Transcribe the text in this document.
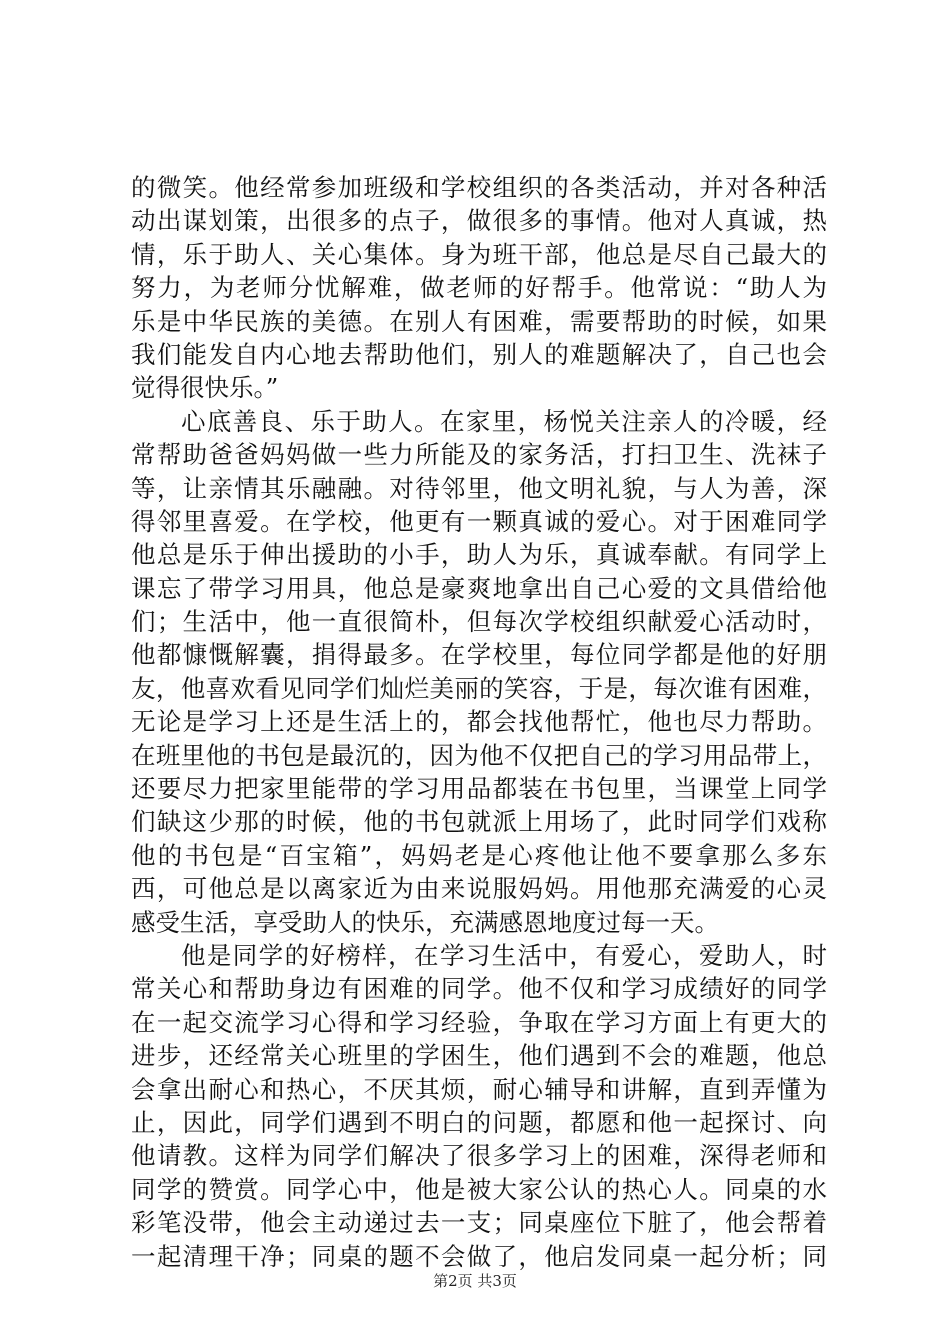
的微笑。他经常参加班级和学校组织的各类活动，并对各种活
动出谋划策，出很多的点子，做很多的事情。他对人真诚，热
情，乐于助人、关心集体。身为班干部，他总是尽自己最大的
努力，为老师分忧解难，做老师的好帮手。他常说：“助人为
乐是中华民族的美德。在别人有困难，需要帮助的时候，如果
我们能发自内心地去帮助他们，别人的难题解决了，自己也会
觉得很快乐。”
心底善良、乐于助人。在家里，杨悦关注亲人的冷暖，经
常帮助爸爸妈妈做一些力所能及的家务活，打扫卫生、洗袜子
等，让亲情其乐融融。对待邻里，他文明礼貌，与人为善，深
得邻里喜爱。在学校，他更有一颗真诚的爱心。对于困难同学
他总是乐于伸出援助的小手，助人为乐，真诚奉献。有同学上
课忘了带学习用具，他总是豪爽地拿出自己心爱的文具借给他
们；生活中，他一直很简朴，但每次学校组织献爱心活动时，
他都慷慨解囊，捐得最多。在学校里，每位同学都是他的好朋
友，他喜欢看见同学们灿烂美丽的笑容，于是，每次谁有困难，
无论是学习上还是生活上的，都会找他帮忙，他也尽力帮助。
在班里他的书包是最沉的，因为他不仅把自己的学习用品带上，
还要尽力把家里能带的学习用品都装在书包里，当课堂上同学
们缺这少那的时候，他的书包就派上用场了，此时同学们戏称
他的书包是“百宝箱”，妈妈老是心疼他让他不要拿那么多东
西，可他总是以离家近为由来说服妈妈。用他那充满爱的心灵
感受生活，享受助人的快乐，充满感恩地度过每一天。
他是同学的好榜样，在学习生活中，有爱心，爱助人，时
常关心和帮助身边有困难的同学。他不仅和学习成绩好的同学
在一起交流学习心得和学习经验，争取在学习方面上有更大的
进步，还经常关心班里的学困生，他们遇到不会的难题，他总
会拿出耐心和热心，不厌其烦，耐心辅导和讲解，直到弄懂为
止，因此，同学们遇到不明白的问题，都愿和他一起探讨、向
他请教。这样为同学们解决了很多学习上的困难，深得老师和
同学的赞赏。同学心中，他是被大家公认的热心人。同桌的水
彩笔没带，他会主动递过去一支；同桌座位下脏了，他会帮着
一起清理干净；同桌的题不会做了，他启发同桌一起分析；同
第2页 共3页
